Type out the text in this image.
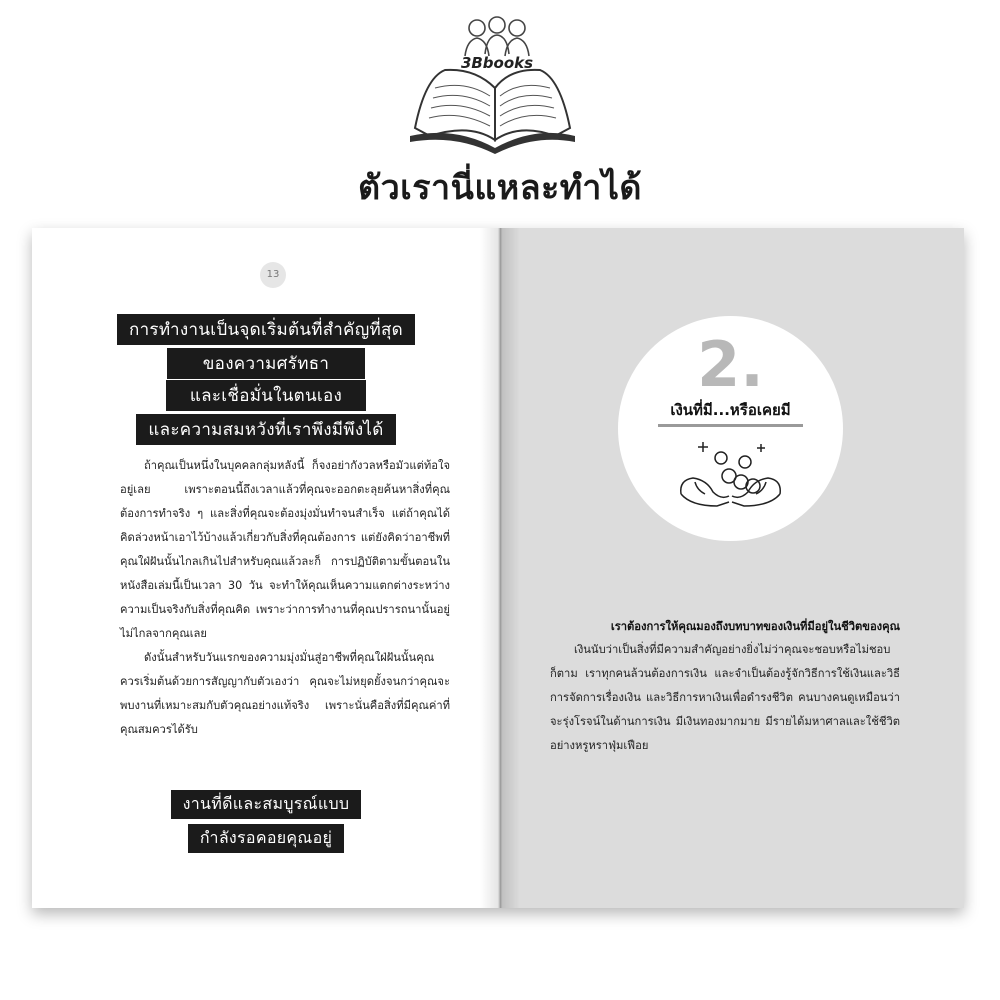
3Bbooks
ตัวเรานี่แหละทำได้
13
การทำงานเป็นจุดเริ่มต้นที่สำคัญที่สุด
ของความศรัทธา
และเชื่อมั่นในตนเอง
และความสมหวังที่เราพึงมีพึงได้

ถ้าคุณเป็นหนึ่งในบุคคลกลุ่มหลังนี้ ก็จงอย่ากังวลหรือมัวแต่ท้อใจอยู่เลย เพราะตอนนี้ถึงเวลาแล้วที่คุณจะออกตะลุยค้นหาสิ่งที่คุณต้องการทำจริง ๆ และสิ่งที่คุณจะต้องมุ่งมั่นทำจนสำเร็จ แต่ถ้าคุณได้คิดล่วงหน้าเอาไว้บ้างแล้วเกี่ยวกับสิ่งที่คุณต้องการ แต่ยังคิดว่าอาชีพที่คุณใฝ่ฝันนั้นไกลเกินไปสำหรับคุณแล้วละก็ การปฏิบัติตามขั้นตอนในหนังสือเล่มนี้เป็นเวลา 30 วัน จะทำให้คุณเห็นความแตกต่างระหว่างความเป็นจริงกับสิ่งที่คุณคิด เพราะว่าการทำงานที่คุณปรารถนานั้นอยู่ไม่ไกลจากคุณเลย

ดังนั้นสำหรับวันแรกของความมุ่งมั่นสู่อาชีพที่คุณใฝ่ฝันนั้นคุณควรเริ่มต้นด้วยการสัญญากับตัวเองว่า คุณจะไม่หยุดยั้งจนกว่าคุณจะพบงานที่เหมาะสมกับตัวคุณอย่างแท้จริง เพราะนั่นคือสิ่งที่มีคุณค่าที่คุณสมควรได้รับ

งานที่ดีและสมบูรณ์แบบ
กำลังรอคอยคุณอยู่
2.
เงินที่มี...หรือเคยมี
เราต้องการให้คุณมองถึงบทบาทของเงินที่มีอยู่ในชีวิตของคุณ

เงินนับว่าเป็นสิ่งที่มีความสำคัญอย่างยิ่งไม่ว่าคุณจะชอบหรือไม่ชอบก็ตาม เราทุกคนล้วนต้องการเงิน และจำเป็นต้องรู้จักวิธีการใช้เงินและวิธีการจัดการเรื่องเงิน และวิธีการหาเงินเพื่อดำรงชีวิต คนบางคนดูเหมือนว่าจะรุ่งโรจน์ในด้านการเงิน มีเงินทองมากมาย มีรายได้มหาศาลและใช้ชีวิตอย่างหรูหราฟุ่มเฟือย
